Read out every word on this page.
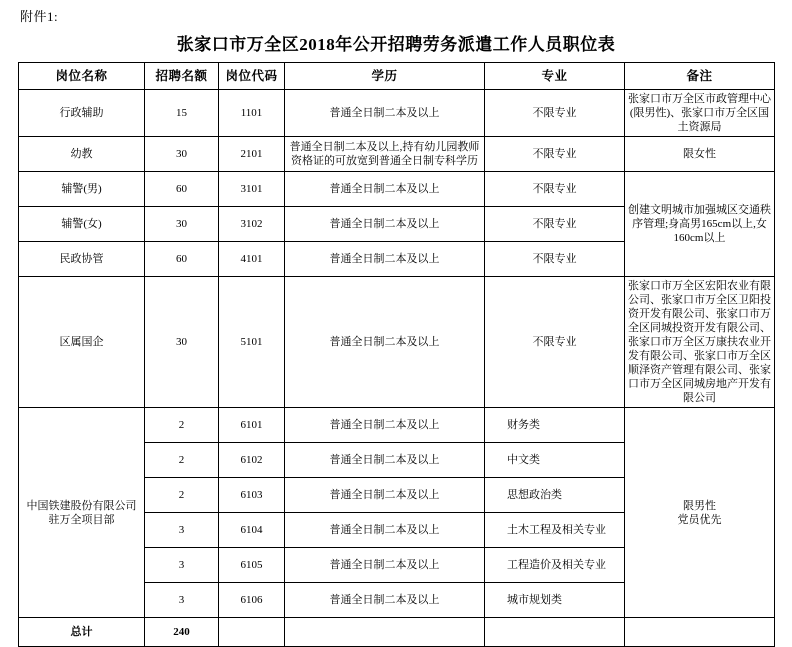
附件1:
张家口市万全区2018年公开招聘劳务派遣工作人员职位表
岗位名称	招聘名额	岗位代码	学历	专业	备注
行政辅助	15	1101	普通全日制二本及以上	不限专业	张家口市万全区市政管理中心(限男性)、张家口市万全区国土资源局
幼教	30	2101	普通全日制二本及以上,持有幼儿园教师资格证的可放宽到普通全日制专科学历	不限专业	限女性
辅警(男)	60	3101	普通全日制二本及以上	不限专业	创建文明城市加强城区交通秩序管理;身高男165cm以上,女160cm以上
辅警(女)	30	3102	普通全日制二本及以上	不限专业	
民政协管	60	4101	普通全日制二本及以上	不限专业	
区属国企	30	5101	普通全日制二本及以上	不限专业	张家口市万全区宏阳农业有限公司、张家口市万全区卫阳投资开发有限公司、张家口市万全区同城投资开发有限公司、张家口市万全区万康扶农业开发有限公司、张家口市万全区顺泽资产管理有限公司、张家口市万全区同城房地产开发有限公司
中国铁建股份有限公司驻万全项目部	2	6101	普通全日制二本及以上	财务类	限男性
党员优先

	2	6102	普通全日制二本及以上	中文类	
	2	6103	普通全日制二本及以上	思想政治类	
	3	6104	普通全日制二本及以上	土木工程及相关专业	
	3	6105	普通全日制二本及以上	工程造价及相关专业	
	3	6106	普通全日制二本及以上	城市规划类	
总计	240				
